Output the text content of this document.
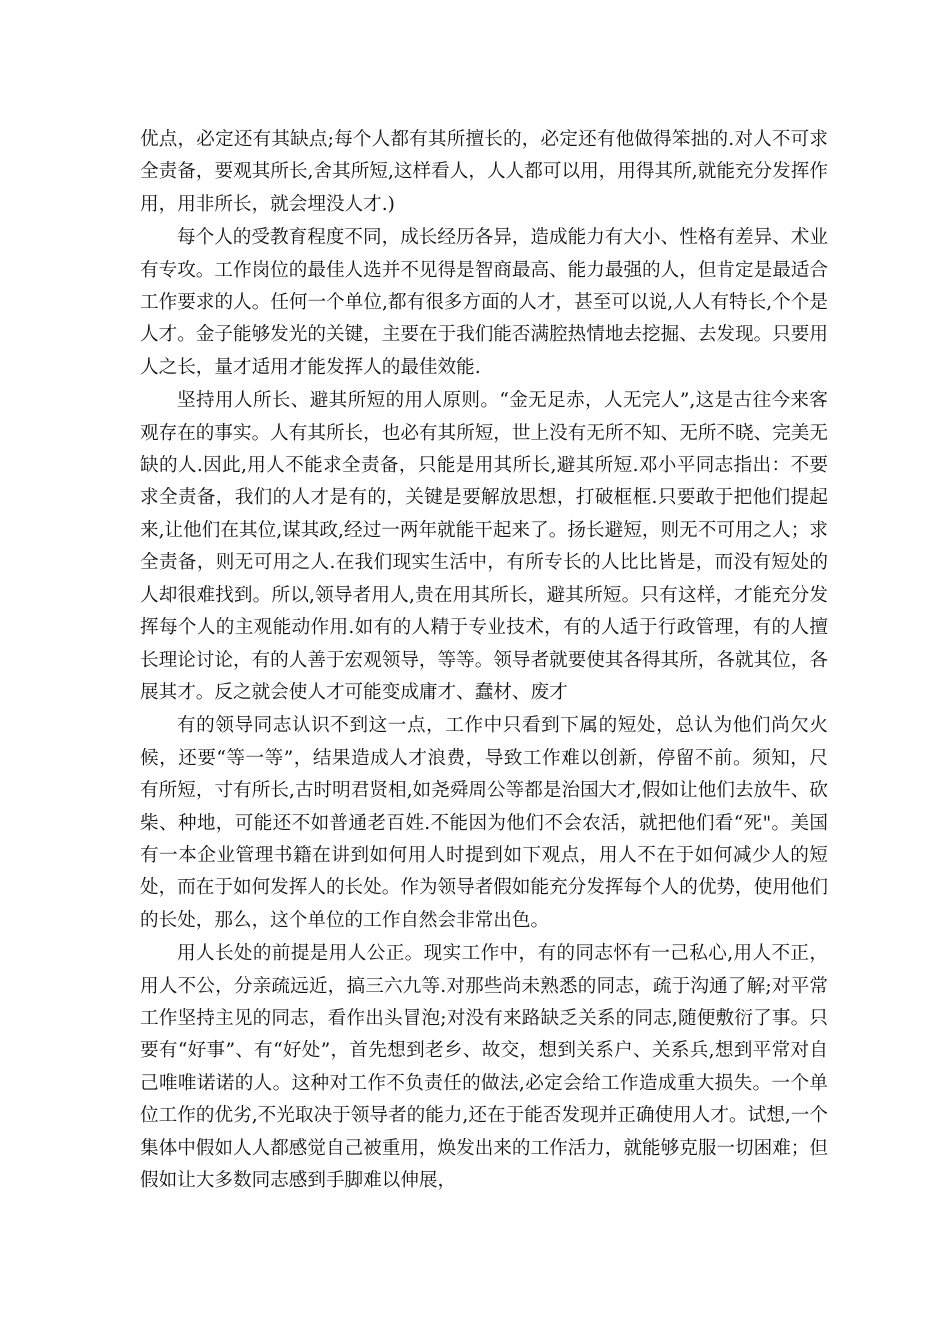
优点，必定还有其缺点;每个人都有其所擅长的，必定还有他做得笨拙的.对人不可求全责备，要观其所长,舍其所短,这样看人，人人都可以用，用得其所,就能充分发挥作用，用非所长，就会埋没人才.)

每个人的受教育程度不同，成长经历各异，造成能力有大小、性格有差异、术业有专攻。工作岗位的最佳人选并不见得是智商最高、能力最强的人，但肯定是最适合工作要求的人。任何一个单位,都有很多方面的人才，甚至可以说,人人有特长,个个是人才。金子能够发光的关键，主要在于我们能否满腔热情地去挖掘、去发现。只要用人之长，量才适用才能发挥人的最佳效能.

坚持用人所长、避其所短的用人原则。“金无足赤，人无完人”,这是古往今来客观存在的事实。人有其所长，也必有其所短，世上没有无所不知、无所不晓、完美无缺的人.因此,用人不能求全责备，只能是用其所长,避其所短.邓小平同志指出：不要求全责备，我们的人才是有的，关键是要解放思想，打破框框.只要敢于把他们提起来,让他们在其位,谋其政,经过一两年就能干起来了。扬长避短，则无不可用之人；求全责备，则无可用之人.在我们现实生活中，有所专长的人比比皆是，而没有短处的人却很难找到。所以,领导者用人,贵在用其所长，避其所短。只有这样，才能充分发挥每个人的主观能动作用.如有的人精于专业技术，有的人适于行政管理，有的人擅长理论讨论，有的人善于宏观领导，等等。领导者就要使其各得其所，各就其位，各展其才。反之就会使人才可能变成庸才、蠢材、废才

有的领导同志认识不到这一点，工作中只看到下属的短处，总认为他们尚欠火候，还要“等一等”，结果造成人才浪费，导致工作难以创新，停留不前。须知，尺有所短，寸有所长,古时明君贤相,如尧舜周公等都是治国大才,假如让他们去放牛、砍柴、种地，可能还不如普通老百姓.不能因为他们不会农活，就把他们看“死"。美国有一本企业管理书籍在讲到如何用人时提到如下观点，用人不在于如何减少人的短处，而在于如何发挥人的长处。作为领导者假如能充分发挥每个人的优势，使用他们的长处，那么，这个单位的工作自然会非常出色。

用人长处的前提是用人公正。现实工作中，有的同志怀有一己私心,用人不正，用人不公，分亲疏远近，搞三六九等.对那些尚未熟悉的同志，疏于沟通了解;对平常工作坚持主见的同志，看作出头冒泡;对没有来路缺乏关系的同志,随便敷衍了事。只要有“好事”、有“好处”，首先想到老乡、故交，想到关系户、关系兵,想到平常对自己唯唯诺诺的人。这种对工作不负责任的做法,必定会给工作造成重大损失。一个单位工作的优劣,不光取决于领导者的能力,还在于能否发现并正确使用人才。试想,一个集体中假如人人都感觉自己被重用，焕发出来的工作活力，就能够克服一切困难；但假如让大多数同志感到手脚难以伸展，
